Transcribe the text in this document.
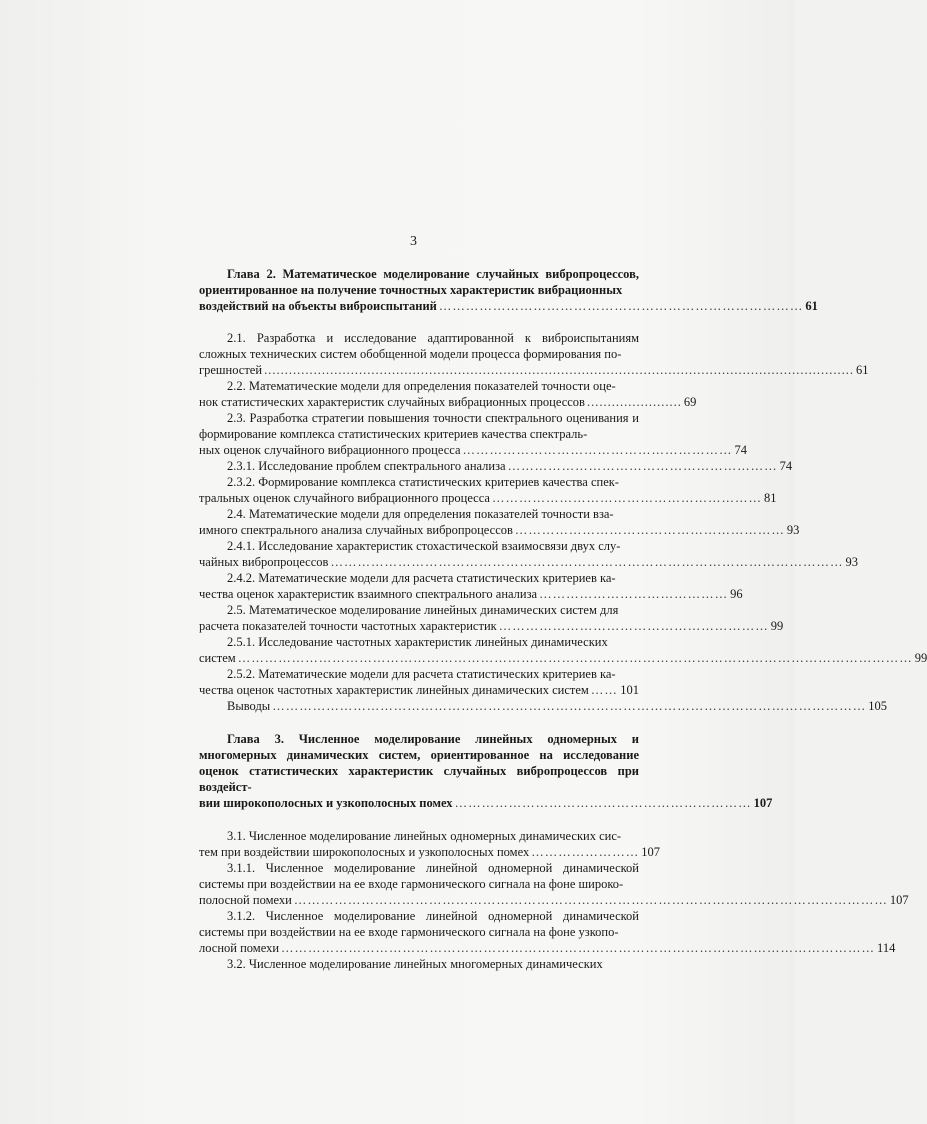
3
Глава 2. Математическое моделирование случайных вибропроцессов, ориентированное на получение точностных характеристик вибрационных
воздействий на объекты виброиспытаний ……………………………………………………………………… 61
2.1. Разработка и исследование адаптированной к виброиспытаниям сложных технических систем обобщенной модели процесса формирования по-
грешностей ............................................................................................................................................... 61
2.2. Математические модели для определения показателей точности оце-
нок статистических характеристик случайных вибрационных процессов ....................... 69
2.3. Разработка стратегии повышения точности спектрального оценивания и формирование комплекса статистических критериев качества спектраль-
ных оценок случайного вибрационного процесса …………………………………………………… 74
2.3.1. Исследование проблем спектрального анализа …………………………………………………… 74
2.3.2. Формирование комплекса статистических критериев качества спек-
тральных оценок случайного вибрационного процесса …………………………………………………… 81
2.4. Математические модели для определения показателей точности вза-
имного спектрального анализа случайных вибропроцессов …………………………………………………… 93
2.4.1. Исследование характеристик стохастической взаимосвязи двух слу-
чайных вибропроцессов …………………………………………………………………………………………………… 93
2.4.2. Математические модели для расчета статистических критериев ка-
чества оценок характеристик взаимного спектрального анализа …………………………………… 96
2.5. Математическое моделирование линейных динамических систем для
расчета показателей точности частотных характеристик …………………………………………………… 99
2.5.1. Исследование частотных характеристик линейных динамических
систем …………………………………………………………………………………………………………………………………… 99
2.5.2. Математические модели для расчета статистических критериев ка-
чества оценок частотных характеристик линейных динамических систем …… 101
Выводы …………………………………………………………………………………………………………………… 105
Глава 3. Численное моделирование линейных одномерных и многомерных динамических систем, ориентированное на исследование оценок статистических характеристик случайных вибропроцессов при воздейст-
вии широкополосных и узкополосных помех ………………………………………………………… 107
3.1. Численное моделирование линейных одномерных динамических сис-
тем при воздействии широкополосных и узкополосных помех …………………… 107
3.1.1. Численное моделирование линейной одномерной динамической системы при воздействии на ее входе гармонического сигнала на фоне широко-
полосной помехи …………………………………………………………………………………………………………………… 107
3.1.2. Численное моделирование линейной одномерной динамической системы при воздействии на ее входе гармонического сигнала на фоне узкопо-
лосной помехи …………………………………………………………………………………………………………………… 114
3.2. Численное моделирование линейных многомерных динамических
